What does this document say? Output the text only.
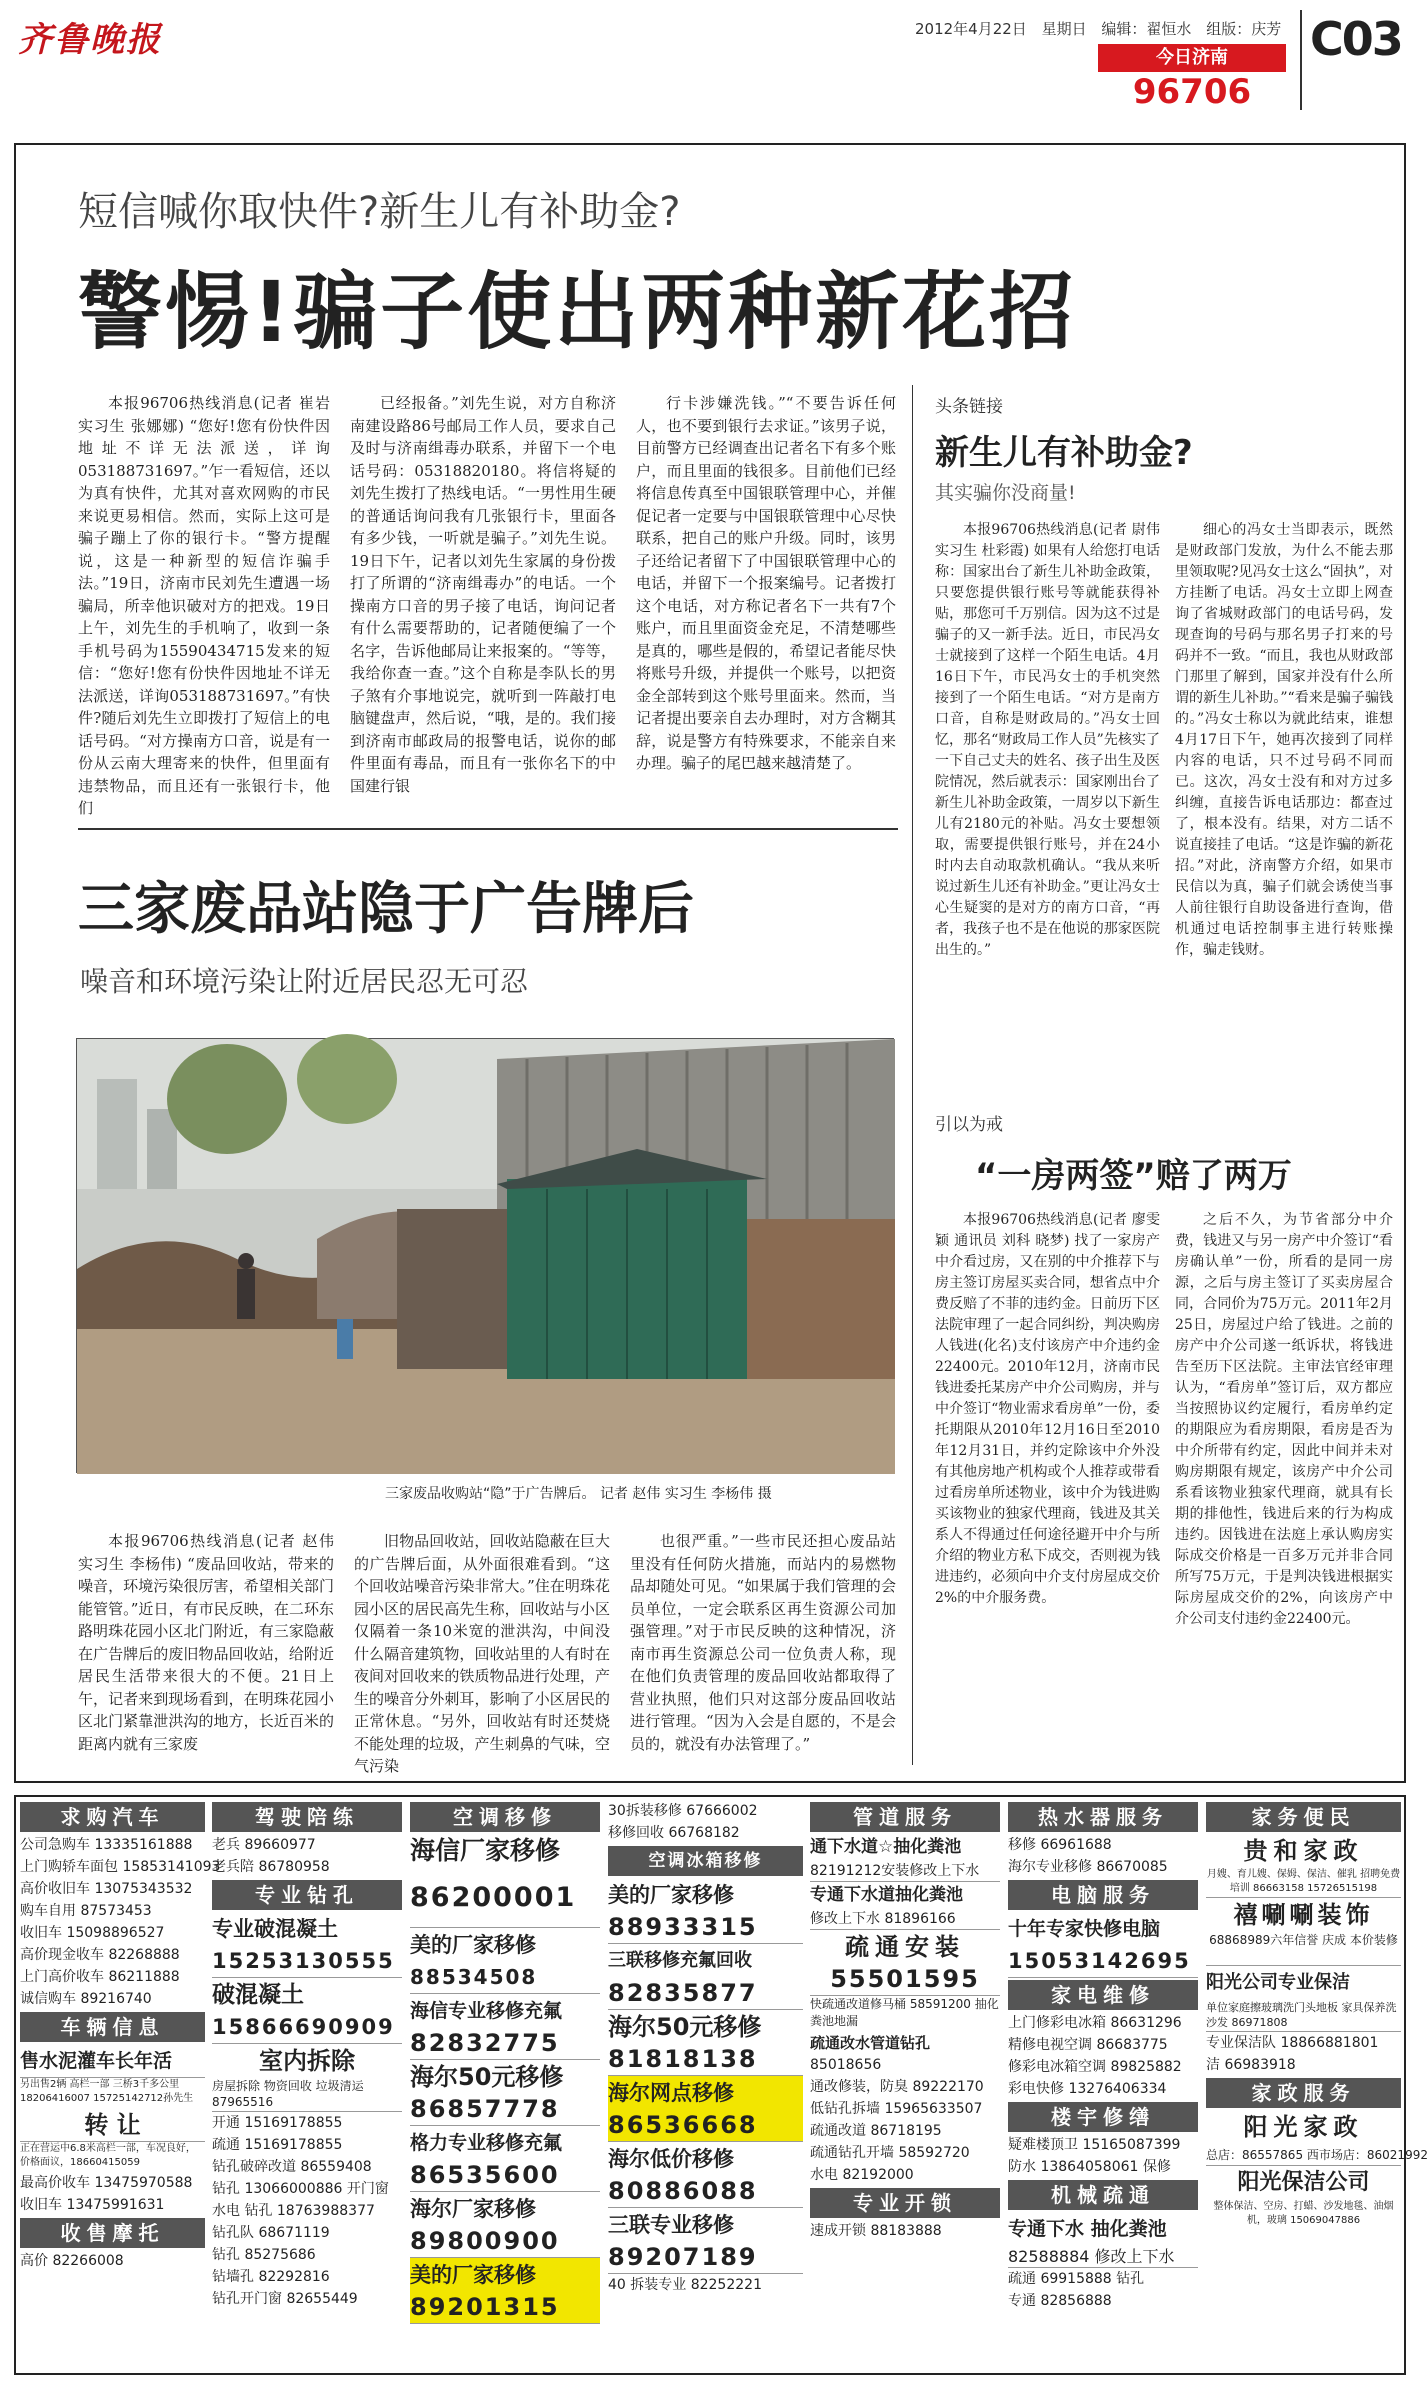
齐鲁晚报	2012年4月22日 星期日 编辑：翟恒水 组版：庆芳
今日济南
96706
C03
短信喊你取快件?新生儿有补助金?
警惕!骗子使出两种新花招

本报96706热线消息(记者 崔岩 实习生 张娜娜) “您好!您有份快件因地址不详无法派送，详询053188731697。”乍一看短信，还以为真有快件，尤其对喜欢网购的市民来说更易相信。然而，实际上这可是骗子蹦上了你的银行卡。“警方提醒说，这是一种新型的短信诈骗手法。”19日，济南市民刘先生遭遇一场骗局，所幸他识破对方的把戏。19日上午，刘先生的手机响了，收到一条手机号码为15590434715发来的短信：“您好!您有份快件因地址不详无法派送，详询053188731697。”有快件?随后刘先生立即拨打了短信上的电话号码。“对方操南方口音，说是有一份从云南大理寄来的快件，但里面有违禁物品，而且还有一张银行卡，他们

已经报备。”刘先生说，对方自称济南建设路86号邮局工作人员，要求自己及时与济南缉毒办联系，并留下一个电话号码：05318820180。将信将疑的刘先生拨打了热线电话。“一男性用生硬的普通话询问我有几张银行卡，里面各有多少钱，一听就是骗子。”刘先生说。19日下午，记者以刘先生家属的身份拨打了所谓的“济南缉毒办”的电话。一个操南方口音的男子接了电话，询问记者有什么需要帮助的，记者随便编了一个名字，告诉他邮局让来报案的。“等等，我给你查一查。”这个自称是李队长的男子煞有介事地说完，就听到一阵敲打电脑键盘声，然后说，“哦，是的。我们接到济南市邮政局的报警电话，说你的邮件里面有毒品，而且有一张你名下的中国建行银

行卡涉嫌洗钱。”“不要告诉任何人，也不要到银行去求证。”该男子说，目前警方已经调查出记者名下有多个账户，而且里面的钱很多。目前他们已经将信息传真至中国银联管理中心，并催促记者一定要与中国银联管理中心尽快联系，把自己的账户升级。同时，该男子还给记者留下了中国银联管理中心的电话，并留下一个报案编号。记者拨打这个电话，对方称记者名下一共有7个账户，而且里面资金充足，不清楚哪些是真的，哪些是假的，希望记者能尽快将账号升级，并提供一个账号，以把资金全部转到这个账号里面来。然而，当记者提出要亲自去办理时，对方含糊其辞，说是警方有特殊要求，不能亲自来办理。骗子的尾巴越来越清楚了。

三家废品站隐于广告牌后
噪音和环境污染让附近居民忍无可忍
三家废品收购站“隐”于广告牌后。 记者 赵伟 实习生 李杨伟 摄

本报96706热线消息(记者 赵伟 实习生 李杨伟) “废品回收站，带来的噪音，环境污染很厉害，希望相关部门能管管。”近日，有市民反映，在二环东路明珠花园小区北门附近，有三家隐蔽在广告牌后的废旧物品回收站，给附近居民生活带来很大的不便。21日上午，记者来到现场看到，在明珠花园小区北门紧靠泄洪沟的地方，长近百米的距离内就有三家废

旧物品回收站，回收站隐蔽在巨大的广告牌后面，从外面很难看到。“这个回收站噪音污染非常大。”住在明珠花园小区的居民高先生称，回收站与小区仅隔着一条10米宽的泄洪沟，中间没什么隔音建筑物，回收站里的人有时在夜间对回收来的铁质物品进行处理，产生的噪音分外刺耳，影响了小区居民的正常休息。“另外，回收站有时还焚烧不能处理的垃圾，产生刺鼻的气味，空气污染

也很严重。”一些市民还担心废品站里没有任何防火措施，而站内的易燃物品却随处可见。“如果属于我们管理的会员单位，一定会联系区再生资源公司加强管理。”对于市民反映的这种情况，济南市再生资源总公司一位负责人称，现在他们负责管理的废品回收站都取得了营业执照，他们只对这部分废品回收站进行管理。“因为入会是自愿的，不是会员的，就没有办法管理了。”

头条链接
新生儿有补助金?
其实骗你没商量!

本报96706热线消息(记者 尉伟 实习生 杜彩霞) 如果有人给您打电话称：国家出台了新生儿补助金政策，只要您提供银行账号等就能获得补贴，那您可千万别信。因为这不过是骗子的又一新手法。近日，市民冯女士就接到了这样一个陌生电话。4月16日下午，市民冯女士的手机突然接到了一个陌生电话。“对方是南方口音，自称是财政局的。”冯女士回忆，那名“财政局工作人员”先核实了一下自己丈夫的姓名、孩子出生及医院情况，然后就表示：国家刚出台了新生儿补助金政策，一周岁以下新生儿有2180元的补贴。冯女士要想领取，需要提供银行账号，并在24小时内去自动取款机确认。“我从来听说过新生儿还有补助金。”更让冯女士心生疑窦的是对方的南方口音，“再者，我孩子也不是在他说的那家医院出生的。”

细心的冯女士当即表示，既然是财政部门发放，为什么不能去那里领取呢?见冯女士这么“固执”，对方挂断了电话。冯女士立即上网查询了省城财政部门的电话号码，发现查询的号码与那名男子打来的号码并不一致。“而且，我也从财政部门那里了解到，国家并没有什么所谓的新生儿补助。”“看来是骗子骗钱的。”冯女士称以为就此结束，谁想4月17日下午，她再次接到了同样内容的电话，只不过号码不同而已。这次，冯女士没有和对方过多纠缠，直接告诉电话那边：都查过了，根本没有。结果，对方二话不说直接挂了电话。“这是诈骗的新花招。”对此，济南警方介绍，如果市民信以为真，骗子们就会诱使当事人前往银行自助设备进行查询，借机通过电话控制事主进行转账操作，骗走钱财。

引以为戒
“一房两签”赔了两万

本报96706热线消息(记者 廖雯颖 通讯员 刘科 晓梦) 找了一家房产中介看过房，又在别的中介推荐下与房主签订房屋买卖合同，想省点中介费反赔了不菲的违约金。日前历下区法院审理了一起合同纠纷，判决购房人钱进(化名)支付该房产中介违约金22400元。2010年12月，济南市民钱进委托某房产中介公司购房，并与中介签订“物业需求看房单”一份，委托期限从2010年12月16日至2010年12月31日，并约定除该中介外没有其他房地产机构或个人推荐或带看过看房单所述物业，该中介为钱进购买该物业的独家代理商，钱进及其关系人不得通过任何途径避开中介与所介绍的物业方私下成交，否则视为钱进违约，必须向中介支付房屋成交价2%的中介服务费。

之后不久，为节省部分中介费，钱进又与另一房产中介签订“看房确认单”一份，所看的是同一房源，之后与房主签订了买卖房屋合同，合同价为75万元。2011年2月25日，房屋过户给了钱进。之前的房产中介公司遂一纸诉状，将钱进告至历下区法院。主审法官经审理认为，“看房单”签订后，双方都应当按照协议约定履行，看房单约定的期限应为看房期限，看房是否为中介所带有约定，因此中间并未对购房期限有规定，该房产中介公司系看该物业独家代理商，就具有长期的排他性，钱进后来的行为构成违约。因钱进在法庭上承认购房实际成交价格是一百多万元并非合同所写75万元，于是判决钱进根据实际房屋成交价的2%，向该房产中介公司支付违约金22400元。

求购汽车
公司急购车 13335161888
上门购轿车面包 15853141093
高价收旧车 13075343532
购车自用 87573453
收旧车 15098896527
高价现金收车 82268888
上门高价收车 86211888
诚信购车 89216740
车辆信息
售水泥灌车长年活
另出售2辆 高栏一部 三桥3千多公里 18206416007 15725142712孙先生
转 让
正在营运中6.8米高栏一部，车况良好，价格面议，18660415059
最高价收车 13475970588
收旧车 13475991631
收售摩托
高价 82266008
驾驶陪练
老兵 89660977
老兵陪 86780958
专业钻孔
专业破混凝土
15253130555
破混凝土
15866690909
室内拆除
房屋拆除 物资回收 垃圾清运 87965516
开通 15169178855
疏通 15169178855
钻孔破碎改道 86559408
钻孔 13066000886 开门窗
水电 钻孔 18763988377
钻孔队 68671119
钻孔 85275686
钻墙孔 82292816
钻孔开门窗 82655449
空调移修
海信厂家移修
86200001
美的厂家移修
88534508
海信专业移修充氟
82832775
海尔50元移修
86857778
格力专业移修充氟
86535600
海尔厂家移修
89800900
美的厂家移修
89201315
30拆装移修 67666002
移修回收 66768182
空调冰箱移修
美的厂家移修
88933315
三联移修充氟回收
82835877
海尔50元移修
81818138
海尔网点移修
86536668
海尔低价移修
80886088
三联专业移修
89207189
40 拆装专业 82252221
管道服务
通下水道☆抽化粪池
82191212安装修改上下水
专通下水道抽化粪池
修改上下水 81896166
疏通安装
55501595
快疏通改道修马桶 58591200 抽化粪池地漏
疏通改水管道钻孔
85018656
通改修装，防臭 89222170
低钻孔拆墙 15965633507
疏通改道 86718195
疏通钻孔开墙 58592720
水电 82192000
专业开锁
速成开锁 88183888
热水器服务
移修 66961688
海尔专业移修 86670085
电脑服务
十年专家快修电脑
15053142695
家电维修
上门修彩电冰箱 86631296
精修电视空调 86683775
修彩电冰箱空调 89825882
彩电快修 13276406334
楼宇修缮
疑难楼顶卫 15165087399
防水 13864058061 保修
机械疏通
专通下水 抽化粪池
82588884 修改上下水
疏通 69915888 钻孔
专通 82856888
家务便民
贵和家政
月嫂、育儿嫂、保姆、保洁、催乳 招聘免费培训 86663158 15726515198
禧唰唰装饰
68868989六年信誉 庆成 本价装修
阳光公司专业保洁
单位家庭擦玻璃洗门头地板 家具保养洗沙发 86971808
专业保洁队 18866881801
洁 66983918
家政服务
阳光家政
总店：86557865 西市场店：86021992
阳光保洁公司
整体保洁、空房、打蜡、沙发地毯、油烟机，玻璃 15069047886
